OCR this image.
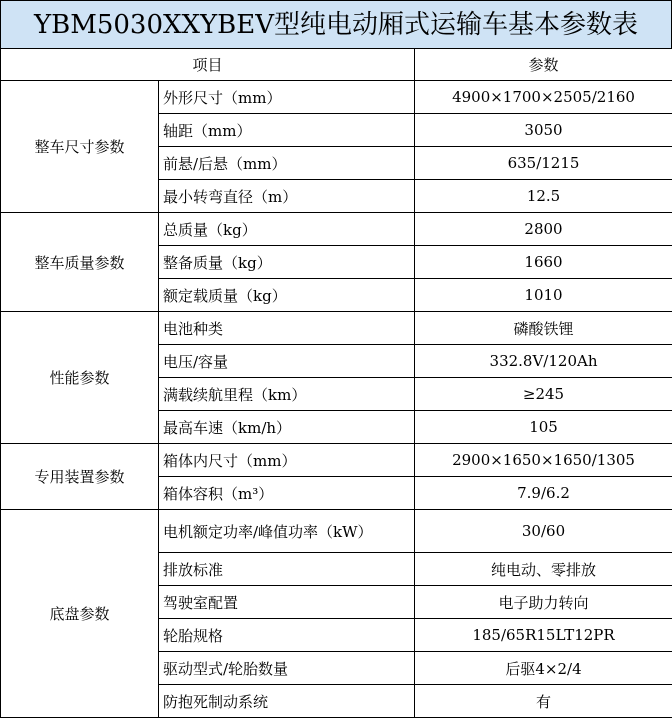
YBM5030XXYBEV型纯电动厢式运输车基本参数表
项目		参数
整车尺寸参数	外形尺寸（mm）	4900×1700×2505/2160
	轴距（mm）	3050
	前悬/后悬（mm）	635/1215
	最小转弯直径（m）	12.5
整车质量参数	总质量（kg）	2800
	整备质量（kg）	1660
	额定载质量（kg）	1010
性能参数	电池种类	磷酸铁锂
	电压/容量	332.8V/120Ah
	满载续航里程（km）	≥245
	最高车速（km/h）	105
专用装置参数	箱体内尺寸（mm）	2900×1650×1650/1305
	箱体容积（m³）	7.9/6.2
底盘参数	电机额定功率/峰值功率（kW）	30/60
	排放标准	纯电动、零排放
	驾驶室配置	电子助力转向
	轮胎规格	185/65R15LT12PR
	驱动型式/轮胎数量	后驱4×2/4
	防抱死制动系统	有
